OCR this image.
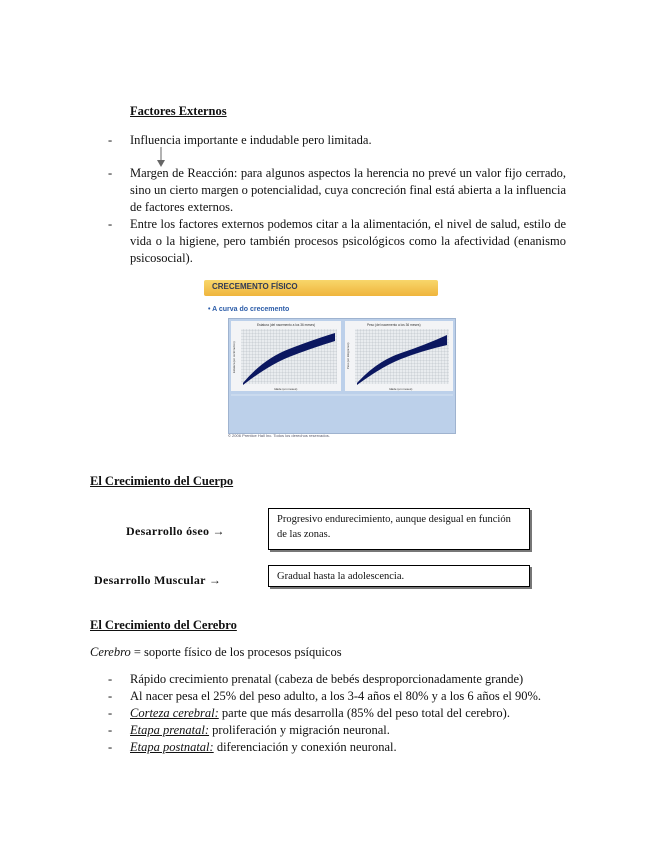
Factores Externos
- Influencia importante e indudable pero limitada.
- Margen de Reacción: para algunos aspectos la herencia no prevé un valor fijo cerrado, sino un cierto margen o potencialidad, cuya concreción final está abierta a la influencia de factores externos.
- Entre los factores externos podemos citar a la alimentación, el nivel de salud, estilo de vida o la higiene, pero también procesos psicológicos como la afectividad (enanismo psicosocial).
CRECEMENTO FÍSICO
• A curva do crecemento
Estatura (del nacemento a los 36 meses)
Estatura (en centímetros)
Idade (en meses)
Peso (del nacemento a los 36 meses)
Peso (en kilogramos)
Idade (en meses)
© 2006 Prentice Hall Inc. Todos los derechos reservados.
El Crecimiento del Cuerpo
Desarrollo óseo →
Progresivo endurecimiento, aunque desigual en función de las zonas.
Desarrollo Muscular →	Gradual hasta la adolescencia.
El Crecimiento del Cerebro
Cerebro = soporte físico de los procesos psíquicos
- Rápido crecimiento prenatal (cabeza de bebés desproporcionadamente grande)
- Al nacer pesa el 25% del peso adulto, a los 3-4 años el 80% y a los 6 años el 90%.
- Corteza cerebral: parte que más desarrolla (85% del peso total del cerebro).
- Etapa prenatal: proliferación y migración neuronal.
- Etapa postnatal: diferenciación y conexión neuronal.
